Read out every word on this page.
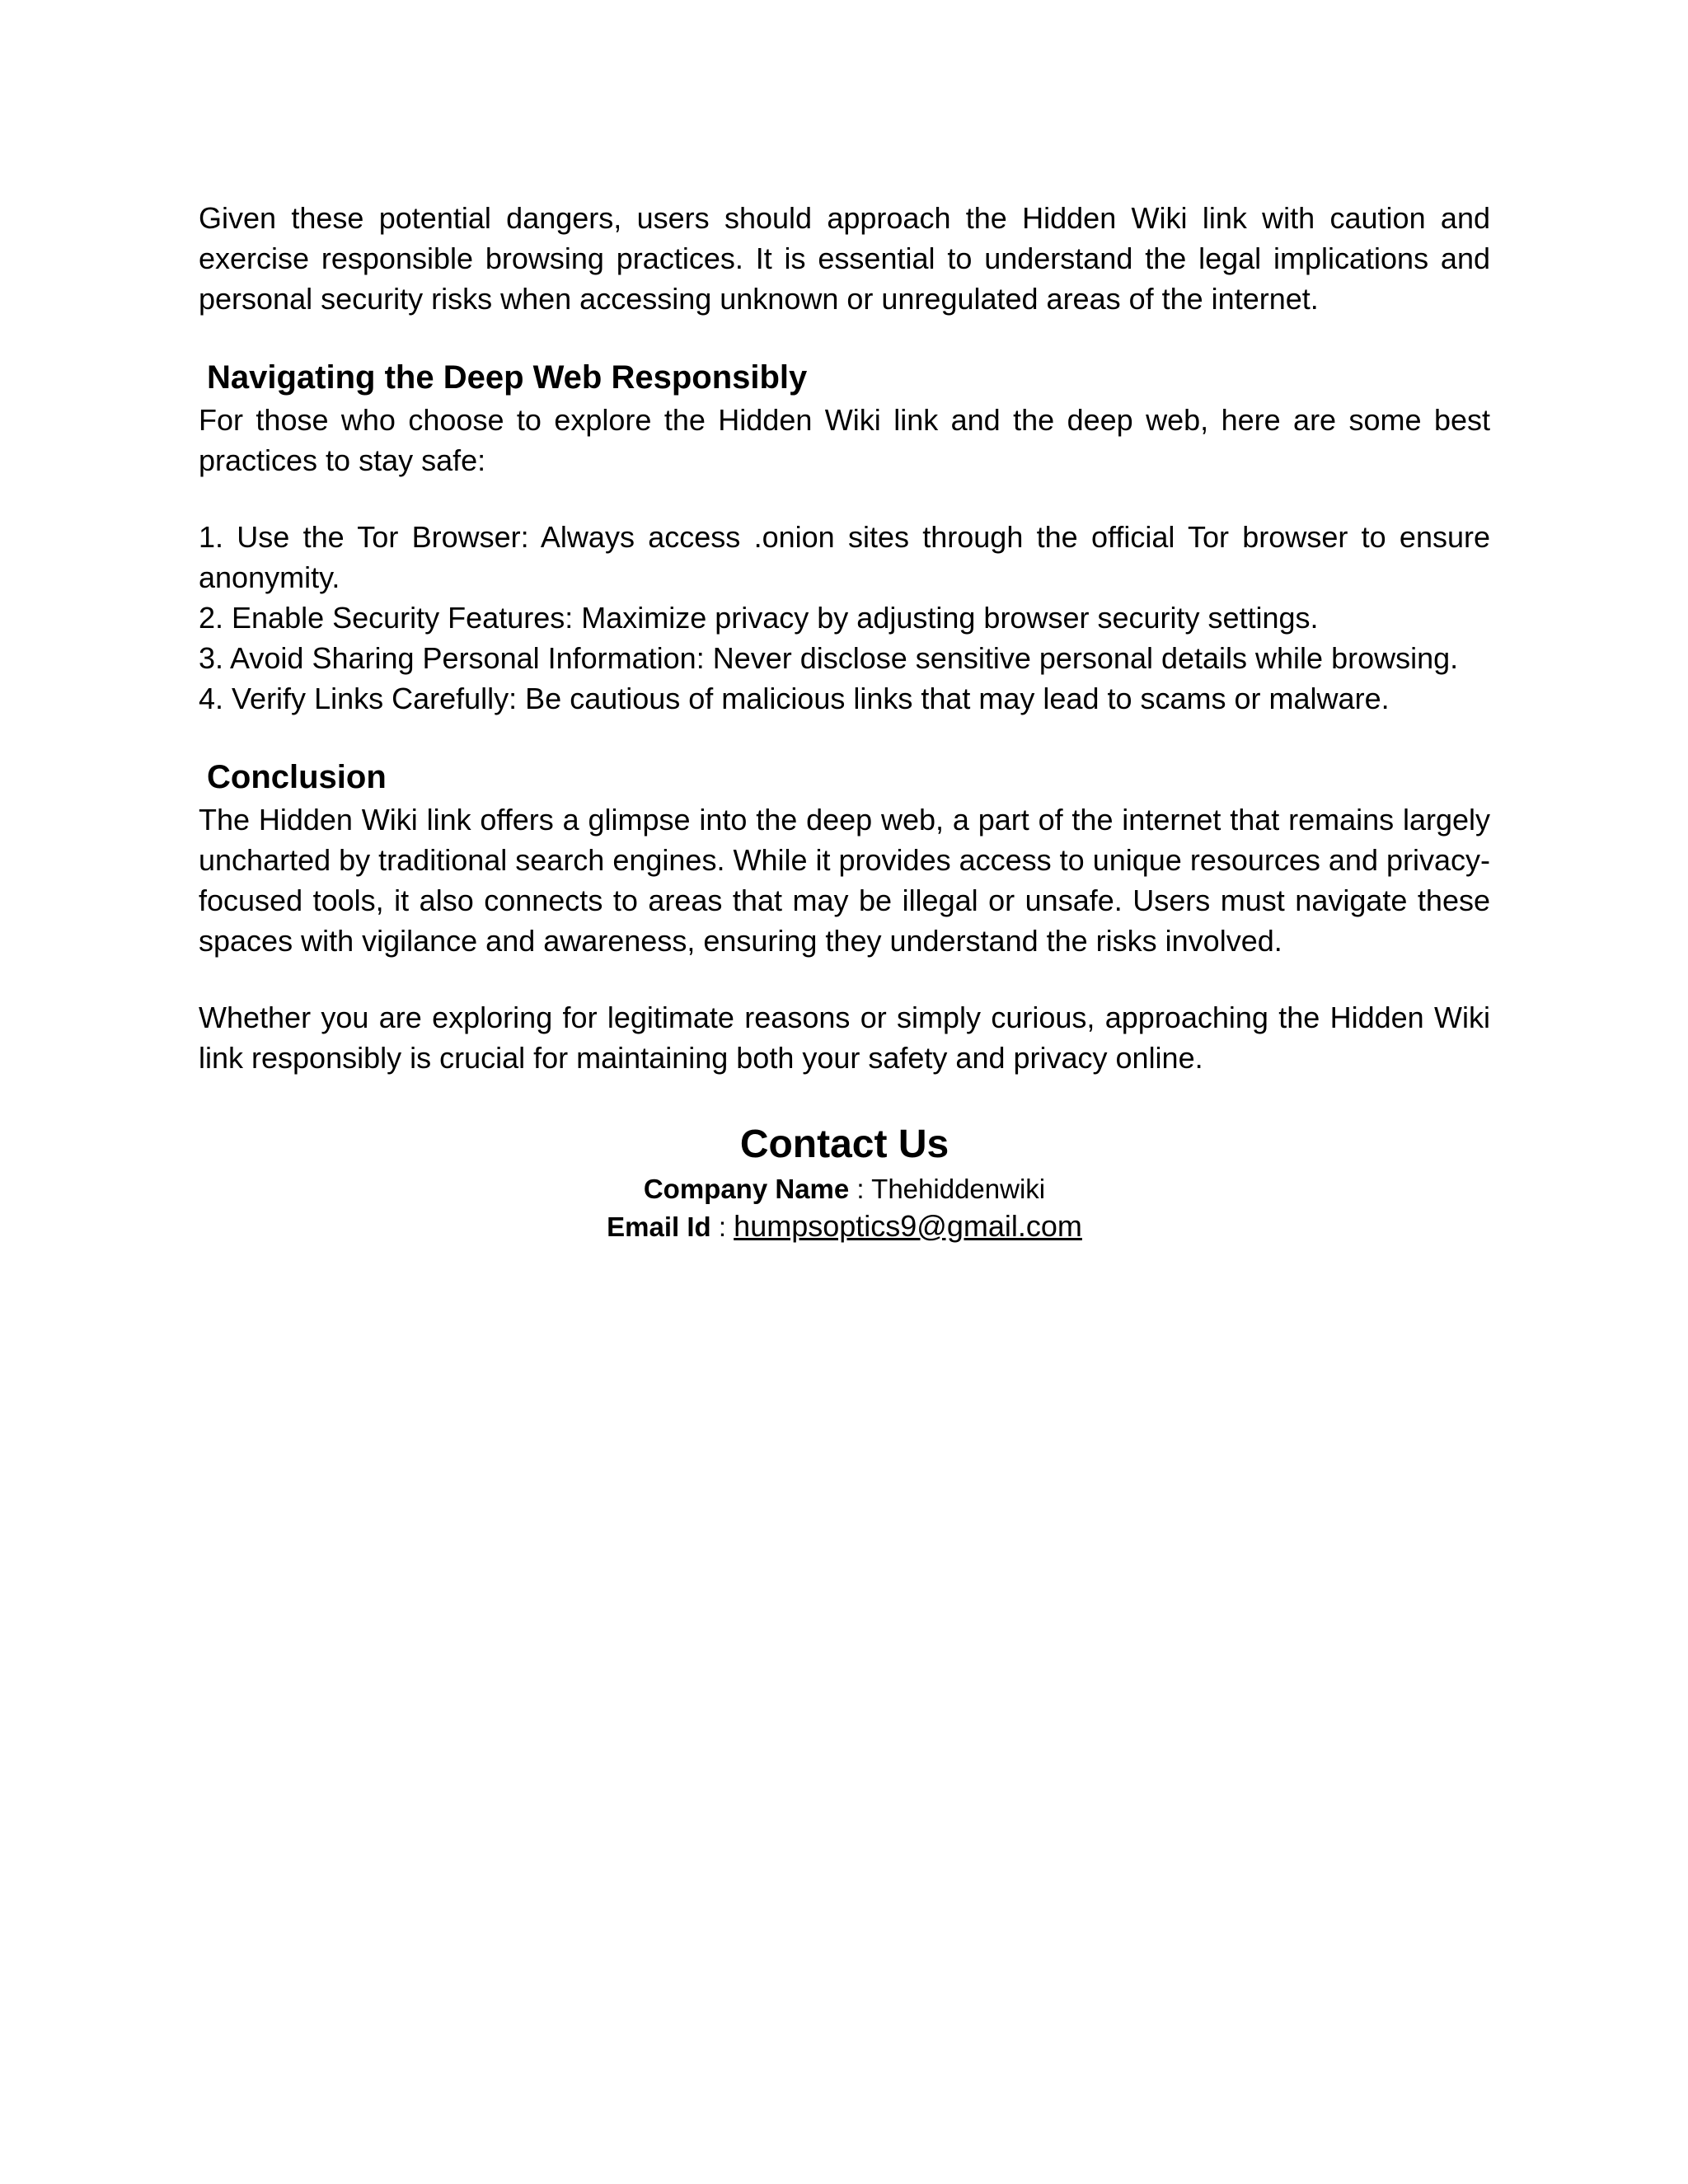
Given these potential dangers, users should approach the Hidden Wiki link with caution and exercise responsible browsing practices. It is essential to understand the legal implications and personal security risks when accessing unknown or unregulated areas of the internet.

Navigating the Deep Web Responsibly

For those who choose to explore the Hidden Wiki link and the deep web, here are some best practices to stay safe:

1. Use the Tor Browser: Always access .onion sites through the official Tor browser to ensure anonymity.

2. Enable Security Features: Maximize privacy by adjusting browser security settings.

3. Avoid Sharing Personal Information: Never disclose sensitive personal details while browsing.

4. Verify Links Carefully: Be cautious of malicious links that may lead to scams or malware.

Conclusion

The Hidden Wiki link offers a glimpse into the deep web, a part of the internet that remains largely uncharted by traditional search engines. While it provides access to unique resources and privacy-focused tools, it also connects to areas that may be illegal or unsafe. Users must navigate these spaces with vigilance and awareness, ensuring they understand the risks involved.

Whether you are exploring for legitimate reasons or simply curious, approaching the Hidden Wiki link responsibly is crucial for maintaining both your safety and privacy online.

Contact Us

Company Name : Thehiddenwiki

Email Id : humpsoptics9@gmail.com
